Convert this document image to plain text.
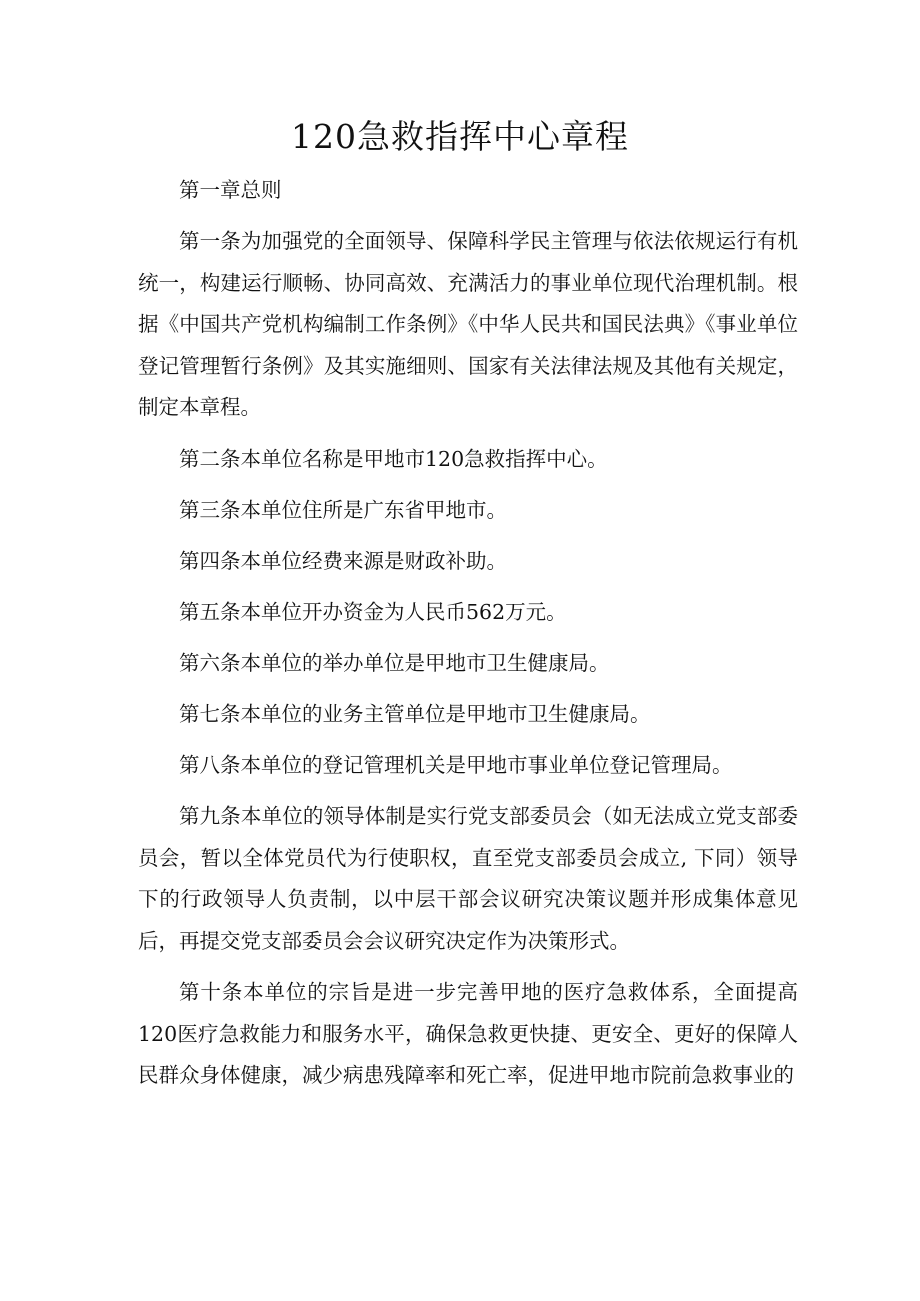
120急救指挥中心章程

第一章总则

第一条为加强党的全面领导、保障科学民主管理与依法依规运行有机统一，构建运行顺畅、协同高效、充满活力的事业单位现代治理机制。根据《中国共产党机构编制工作条例》《中华人民共和国民法典》《事业单位登记管理暂行条例》及其实施细则、国家有关法律法规及其他有关规定，制定本章程。

第二条本单位名称是甲地市120急救指挥中心。

第三条本单位住所是广东省甲地市。

第四条本单位经费来源是财政补助。

第五条本单位开办资金为人民币562万元。

第六条本单位的举办单位是甲地市卫生健康局。

第七条本单位的业务主管单位是甲地市卫生健康局。

第八条本单位的登记管理机关是甲地市事业单位登记管理局。

第九条本单位的领导体制是实行党支部委员会（如无法成立党支部委员会，暂以全体党员代为行使职权，直至党支部委员会成立, 下同）领导下的行政领导人负责制，以中层干部会议研究决策议题并形成集体意见后，再提交党支部委员会会议研究决定作为决策形式。

第十条本单位的宗旨是进一步完善甲地的医疗急救体系，全面提高120医疗急救能力和服务水平，确保急救更快捷、更安全、更好的保障人民群众身体健康，减少病患残障率和死亡率，促进甲地市院前急救事业的
